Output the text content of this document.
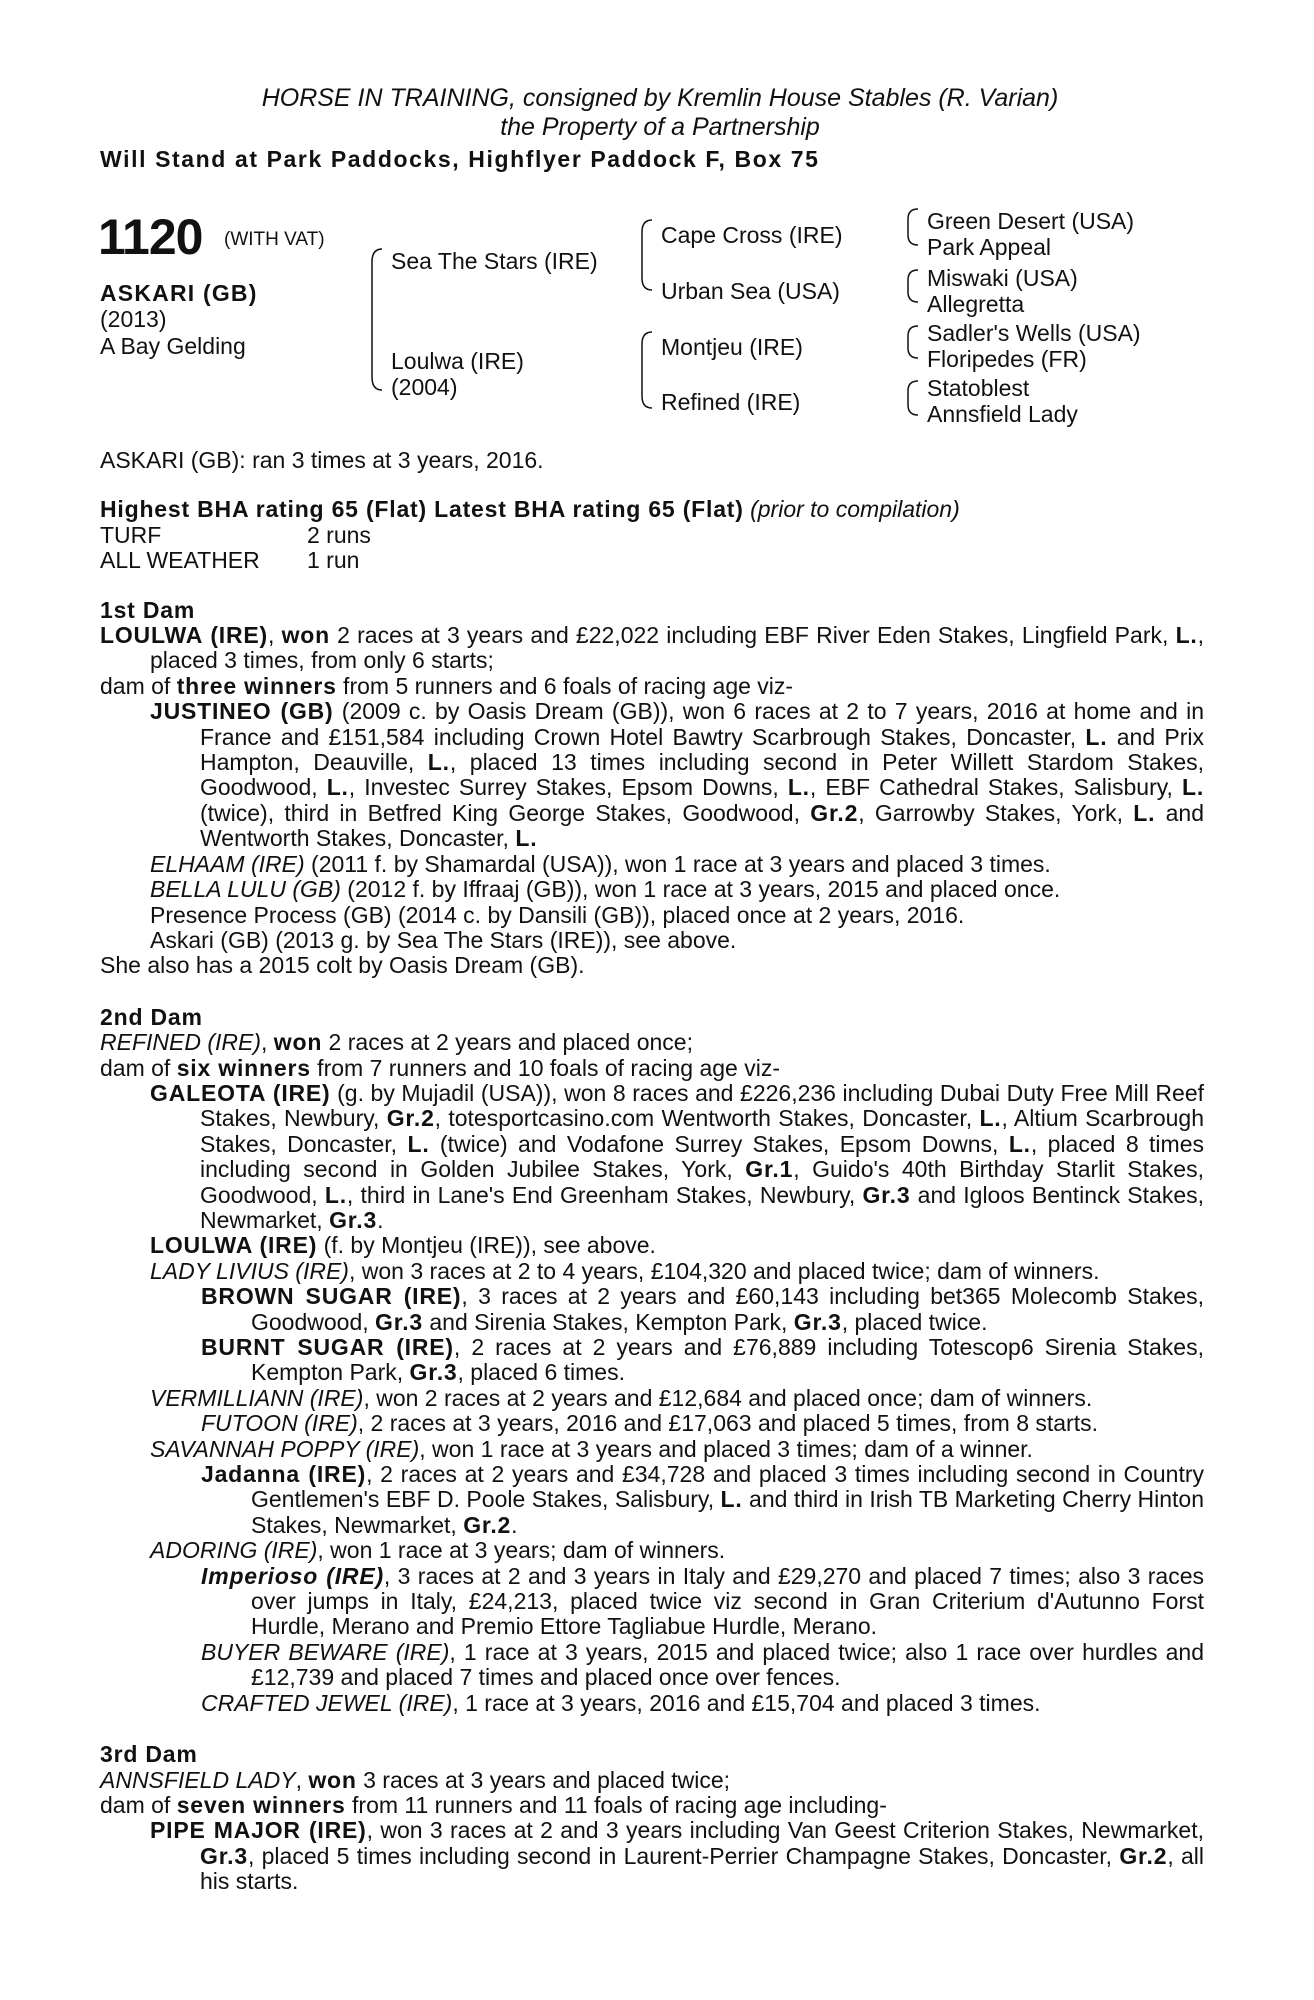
HORSE IN TRAINING, consigned by Kremlin House Stables (R. Varian)
the Property of a Partnership
Will Stand at Park Paddocks, Highflyer Paddock F, Box 75
1120 (WITH VAT)
ASKARI (GB)
(2013)
A Bay Gelding
Sea The Stars (IRE)
Loulwa (IRE)
(2004)
Cape Cross (IRE)
Urban Sea (USA)
Montjeu (IRE)
Refined (IRE)
Green Desert (USA)
Park Appeal
Miswaki (USA)
Allegretta
Sadler's Wells (USA)
Floripedes (FR)
Statoblest
Annsfield Lady

ASKARI (GB): ran 3 times at 3 years, 2016.

Highest BHA rating 65 (Flat) Latest BHA rating 65 (Flat) (prior to compilation)

TURF	2 runs
ALL WEATHER	1 run

1st Dam

LOULWA (IRE), won 2 races at 3 years and £22,022 including EBF River Eden Stakes, Lingfield Park, L., placed 3 times, from only 6 starts;

dam of three winners from 5 runners and 6 foals of racing age viz-

JUSTINEO (GB) (2009 c. by Oasis Dream (GB)), won 6 races at 2 to 7 years, 2016 at home and in France and £151,584 including Crown Hotel Bawtry Scarbrough Stakes, Doncaster, L. and Prix Hampton, Deauville, L., placed 13 times including second in Peter Willett Stardom Stakes, Goodwood, L., Investec Surrey Stakes, Epsom Downs, L., EBF Cathedral Stakes, Salisbury, L. (twice), third in Betfred King George Stakes, Goodwood, Gr.2, Garrowby Stakes, York, L. and Wentworth Stakes, Doncaster, L.

ELHAAM (IRE) (2011 f. by Shamardal (USA)), won 1 race at 3 years and placed 3 times.

BELLA LULU (GB) (2012 f. by Iffraaj (GB)), won 1 race at 3 years, 2015 and placed once.

Presence Process (GB) (2014 c. by Dansili (GB)), placed once at 2 years, 2016.

Askari (GB) (2013 g. by Sea The Stars (IRE)), see above.

She also has a 2015 colt by Oasis Dream (GB).

2nd Dam

REFINED (IRE), won 2 races at 2 years and placed once;

dam of six winners from 7 runners and 10 foals of racing age viz-

GALEOTA (IRE) (g. by Mujadil (USA)), won 8 races and £226,236 including Dubai Duty Free Mill Reef Stakes, Newbury, Gr.2, totesportcasino.com Wentworth Stakes, Doncaster, L., Altium Scarbrough Stakes, Doncaster, L. (twice) and Vodafone Surrey Stakes, Epsom Downs, L., placed 8 times including second in Golden Jubilee Stakes, York, Gr.1, Guido's 40th Birthday Starlit Stakes, Goodwood, L., third in Lane's End Greenham Stakes, Newbury, Gr.3 and Igloos Bentinck Stakes, Newmarket, Gr.3.

LOULWA (IRE) (f. by Montjeu (IRE)), see above.

LADY LIVIUS (IRE), won 3 races at 2 to 4 years, £104,320 and placed twice; dam of winners.

BROWN SUGAR (IRE), 3 races at 2 years and £60,143 including bet365 Molecomb Stakes, Goodwood, Gr.3 and Sirenia Stakes, Kempton Park, Gr.3, placed twice.

BURNT SUGAR (IRE), 2 races at 2 years and £76,889 including Totescop6 Sirenia Stakes, Kempton Park, Gr.3, placed 6 times.

VERMILLIANN (IRE), won 2 races at 2 years and £12,684 and placed once; dam of winners.

FUTOON (IRE), 2 races at 3 years, 2016 and £17,063 and placed 5 times, from 8 starts.

SAVANNAH POPPY (IRE), won 1 race at 3 years and placed 3 times; dam of a winner.

Jadanna (IRE), 2 races at 2 years and £34,728 and placed 3 times including second in Country Gentlemen's EBF D. Poole Stakes, Salisbury, L. and third in Irish TB Marketing Cherry Hinton Stakes, Newmarket, Gr.2.

ADORING (IRE), won 1 race at 3 years; dam of winners.

Imperioso (IRE), 3 races at 2 and 3 years in Italy and £29,270 and placed 7 times; also 3 races over jumps in Italy, £24,213, placed twice viz second in Gran Criterium d'Autunno Forst Hurdle, Merano and Premio Ettore Tagliabue Hurdle, Merano.

BUYER BEWARE (IRE), 1 race at 3 years, 2015 and placed twice; also 1 race over hurdles and £12,739 and placed 7 times and placed once over fences.

CRAFTED JEWEL (IRE), 1 race at 3 years, 2016 and £15,704 and placed 3 times.

3rd Dam

ANNSFIELD LADY, won 3 races at 3 years and placed twice;

dam of seven winners from 11 runners and 11 foals of racing age including-

PIPE MAJOR (IRE), won 3 races at 2 and 3 years including Van Geest Criterion Stakes, Newmarket, Gr.3, placed 5 times including second in Laurent-Perrier Champagne Stakes, Doncaster, Gr.2, all his starts.
